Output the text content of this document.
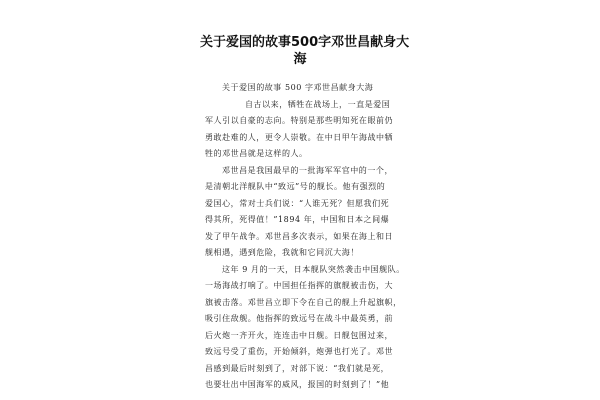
关于爱国的故事500字邓世昌献身大
海
关于爱国的故事 500 字邓世昌献身大海
自古以来，牺牲在战场上，一直是爱国
军人引以自豪的志向。特别是那些明知死在眼前仍
勇敢赴难的人，更令人崇敬。在中日甲午海战中牺
牲的邓世昌就是这样的人。
邓世昌是我国最早的一批海军军官中的一个，
是清朝北洋舰队中“致远”号的舰长。他有强烈的
爱国心，常对士兵们说：“人谁无死？但愿我们死
得其所，死得值！”1894 年，中国和日本之间爆
发了甲午战争。邓世昌多次表示，如果在海上和日
舰相遇，遇到危险，我就和它同沉大海！
这年 9 月的一天，日本舰队突然袭击中国舰队。
一场海战打响了。中国担任指挥的旗舰被击伤，大
旗被击落。邓世昌立即下令在自己的舰上升起旗帜，
吸引住敌舰。他指挥的致远号在战斗中最英勇，前
后火炮一齐开火，连连击中日舰。日舰包围过来，
致远号受了重伤，开始倾斜，炮弹也打光了。邓世
昌感到最后时刻到了，对部下说：“我们就是死，
也要壮出中国海军的威风，报国的时刻到了！”他
